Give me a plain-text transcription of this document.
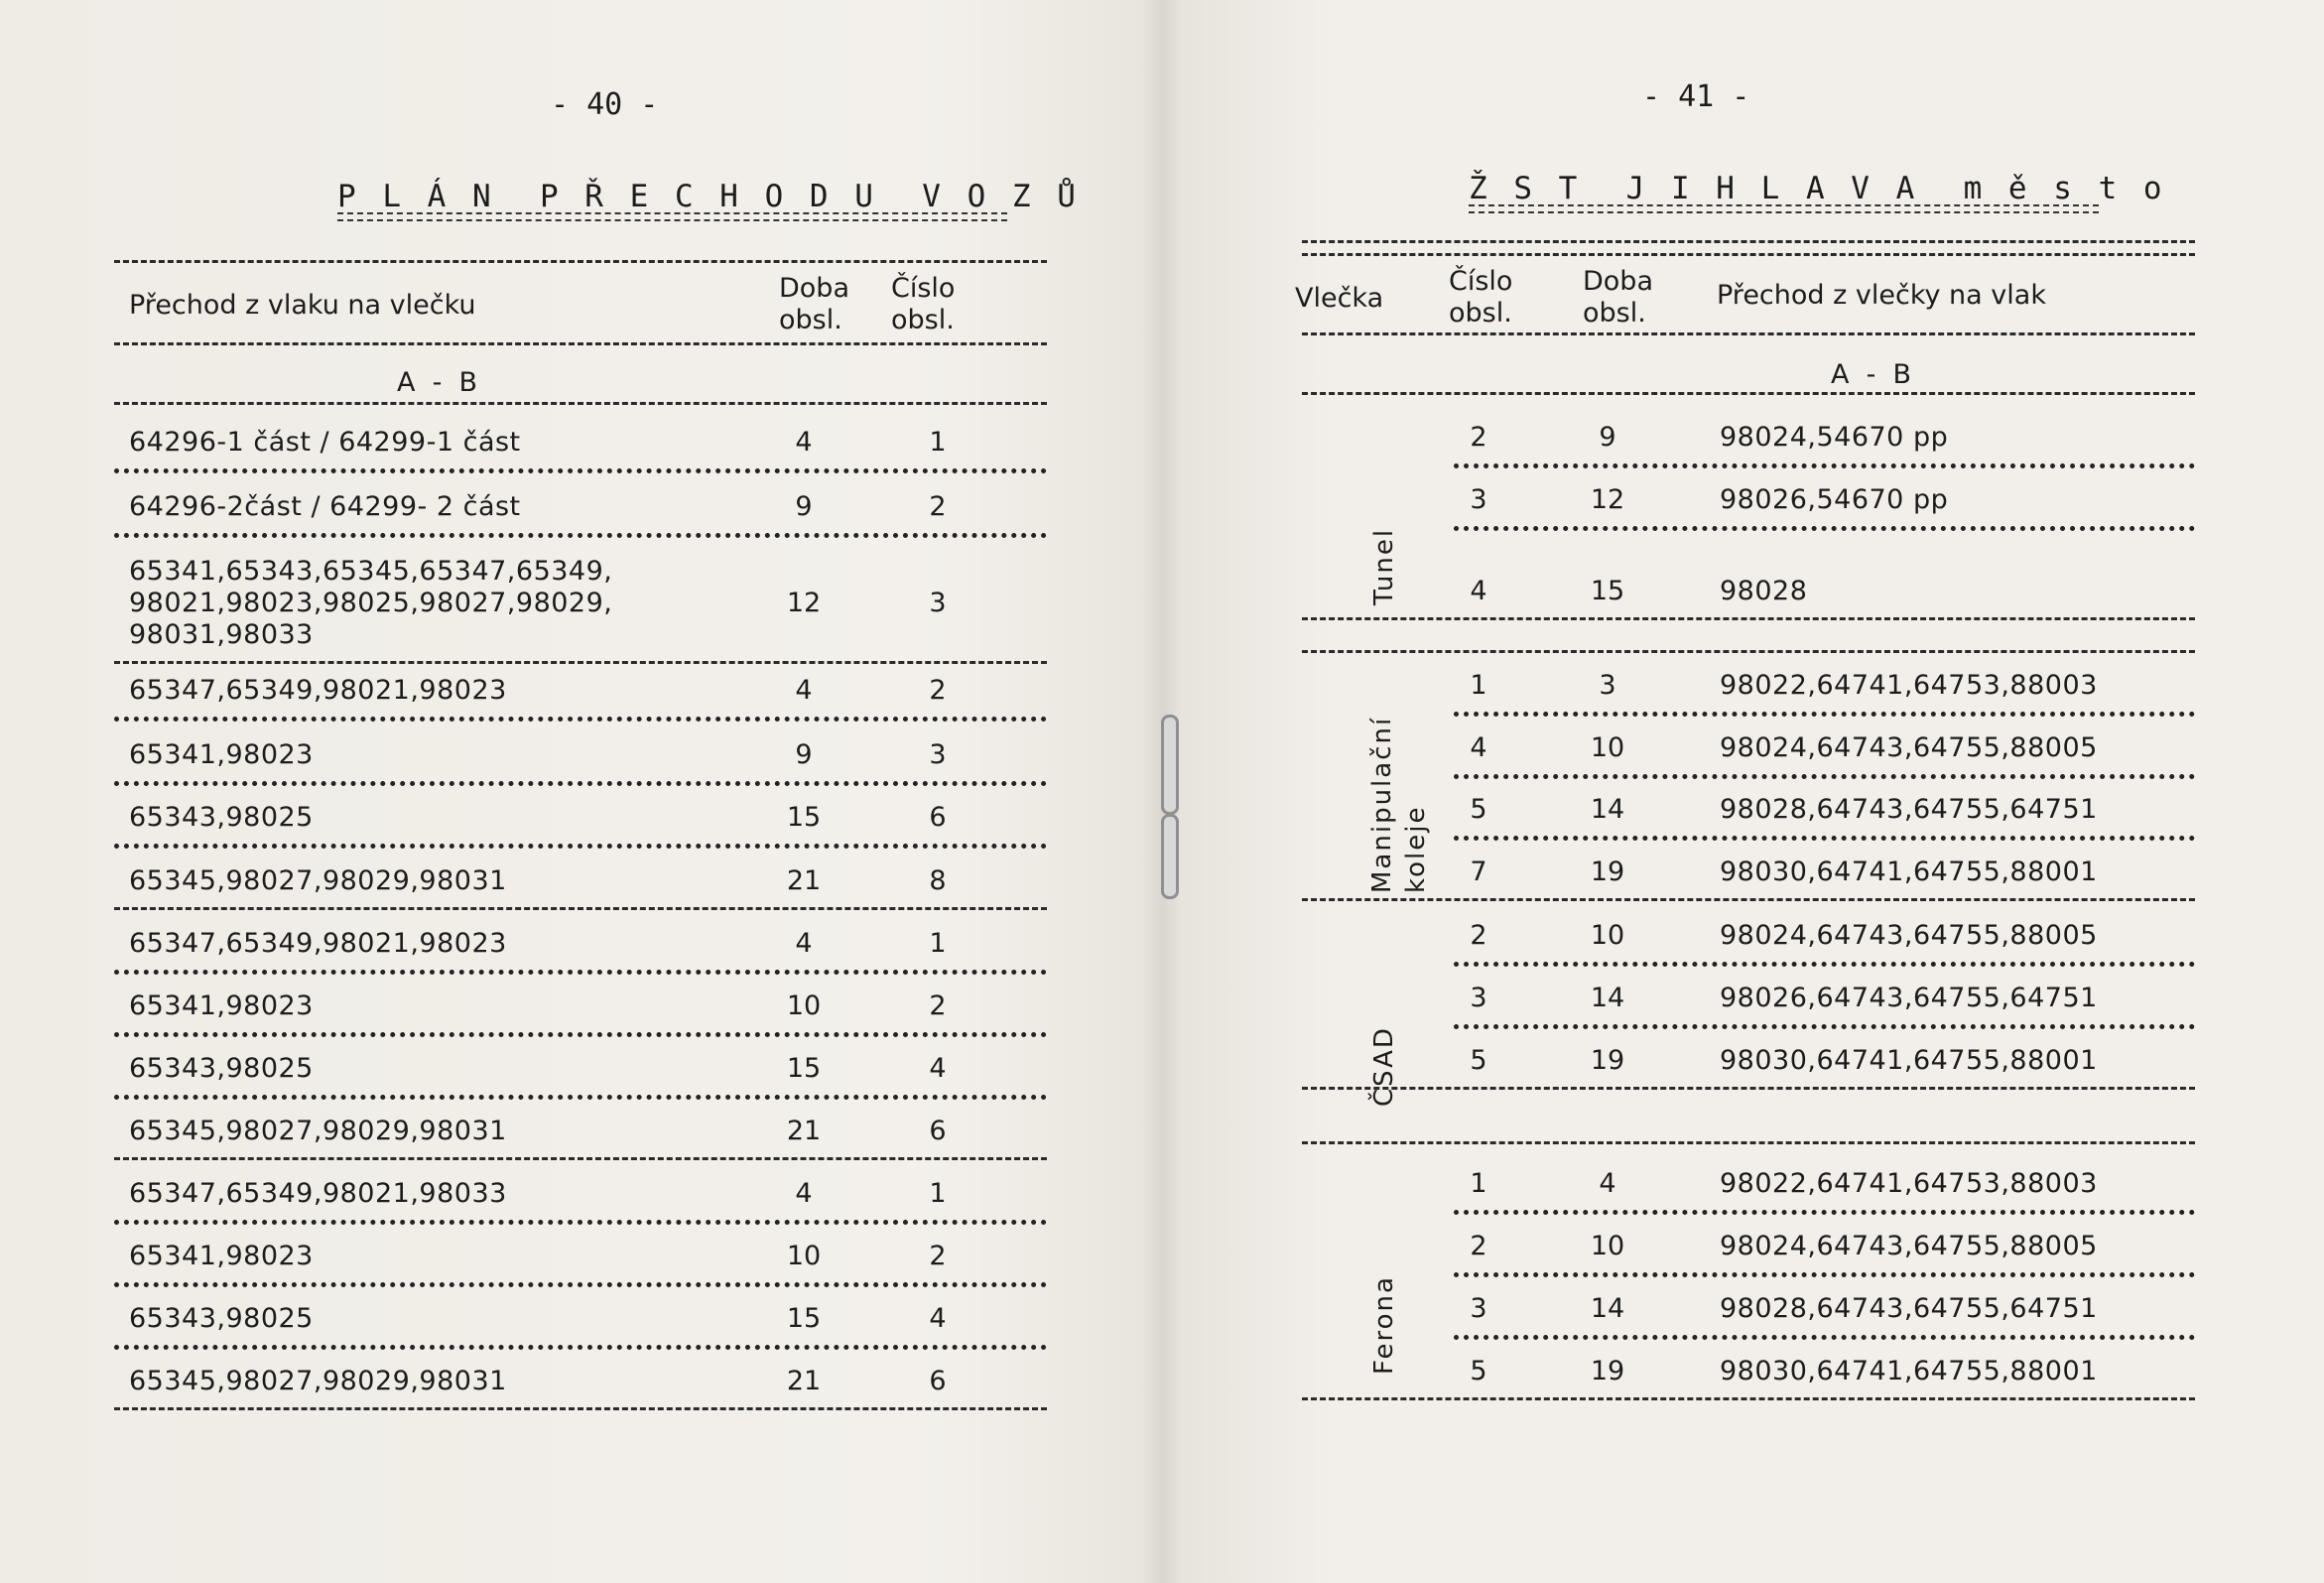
- 40 -
P L Á N  P Ř E C H O D U  V O Z Ů
Přechod z vlaku na vlečku
Doba
obsl.
Číslo
obsl.
A  -  B
64296-1 část / 64299-1 část	4	1
64296-2část / 64299- 2 část	9	2
65341,65343,65345,65347,65349,
98021,98023,98025,98027,98029,
98031,98033
12	3
65347,65349,98021,98023	4	2
65341,98023	9	3
65343,98025	15	6
65345,98027,98029,98031	21	8
65347,65349,98021,98023	4	1
65341,98023	10	2
65343,98025	15	4
65345,98027,98029,98031	21	6
65347,65349,98021,98033	4	1
65341,98023	10	2
65343,98025	15	4
65345,98027,98029,98031	21	6
- 41 -
Ž S T  J I H L A V A  m ě s t o
Vlečka
Číslo
obsl.
Doba
obsl.
Přechod z vlečky na vlak
A  -  B
Tunel
2	9	98024,54670 pp
3	12	98026,54670 pp
4	15	98028
Manipulační koleje
1	3	98022,64741,64753,88003
4	10	98024,64743,64755,88005
5	14	98028,64743,64755,64751
7	19	98030,64741,64755,88001
ČSAD
2	10	98024,64743,64755,88005
3	14	98026,64743,64755,64751
5	19	98030,64741,64755,88001
Ferona
1	4	98022,64741,64753,88003
2	10	98024,64743,64755,88005
3	14	98028,64743,64755,64751
5	19	98030,64741,64755,88001
